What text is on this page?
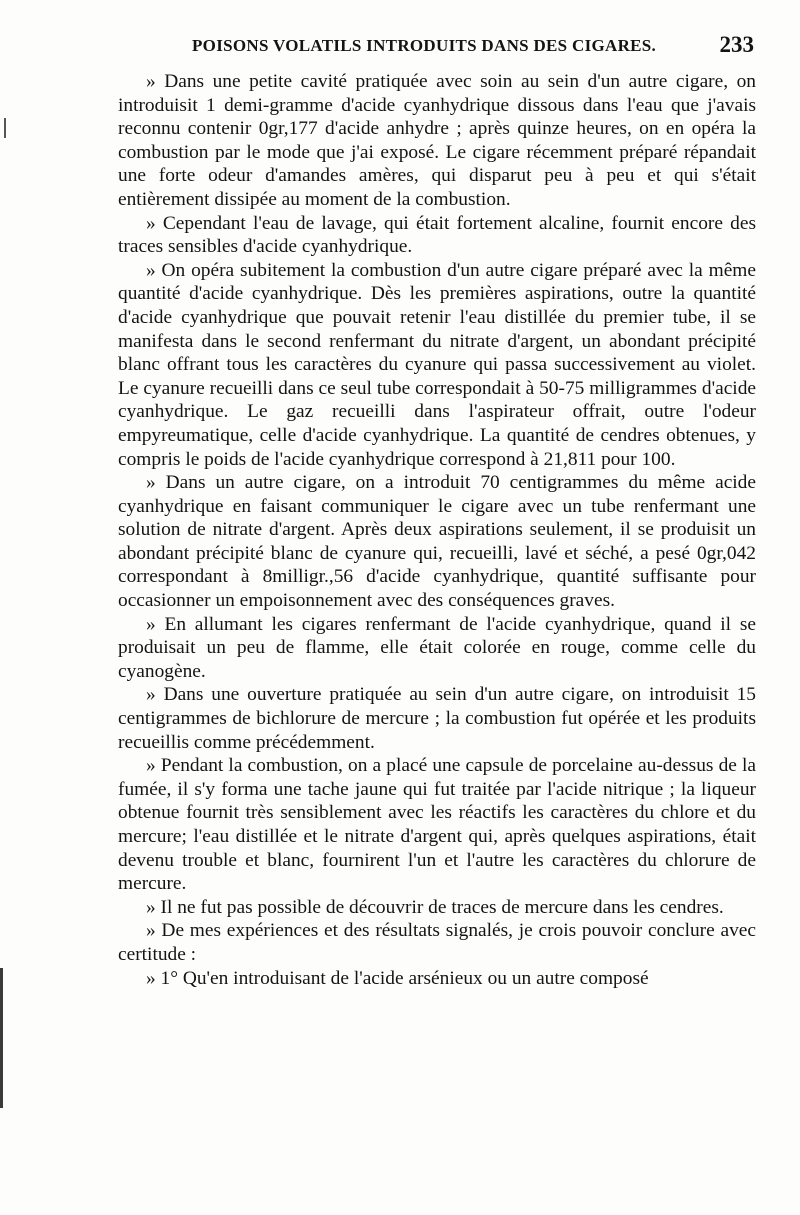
POISONS VOLATILS INTRODUITS DANS DES CIGARES.	233

» Dans une petite cavité pratiquée avec soin au sein d'un autre cigare, on introduisit 1 demi-gramme d'acide cyanhydrique dissous dans l'eau que j'avais reconnu contenir 0gr,177 d'acide anhydre ; après quinze heures, on en opéra la combustion par le mode que j'ai exposé. Le cigare récemment préparé répandait une forte odeur d'amandes amères, qui disparut peu à peu et qui s'était entièrement dissipée au moment de la combustion.

» Cependant l'eau de lavage, qui était fortement alcaline, fournit encore des traces sensibles d'acide cyanhydrique.

» On opéra subitement la combustion d'un autre cigare préparé avec la même quantité d'acide cyanhydrique. Dès les premières aspirations, outre la quantité d'acide cyanhydrique que pouvait retenir l'eau distillée du premier tube, il se manifesta dans le second renfermant du nitrate d'argent, un abondant précipité blanc offrant tous les caractères du cyanure qui passa successivement au violet. Le cyanure recueilli dans ce seul tube correspondait à 50-75 milligrammes d'acide cyanhydrique. Le gaz recueilli dans l'aspirateur offrait, outre l'odeur empyreumatique, celle d'acide cyanhydrique. La quantité de cendres obtenues, y compris le poids de l'acide cyanhydrique correspond à 21,811 pour 100.

» Dans un autre cigare, on a introduit 70 centigrammes du même acide cyanhydrique en faisant communiquer le cigare avec un tube renfermant une solution de nitrate d'argent. Après deux aspirations seulement, il se produisit un abondant précipité blanc de cyanure qui, recueilli, lavé et séché, a pesé 0gr,042 correspondant à 8milligr.,56 d'acide cyanhydrique, quantité suffisante pour occasionner un empoisonnement avec des conséquences graves.

» En allumant les cigares renfermant de l'acide cyanhydrique, quand il se produisait un peu de flamme, elle était colorée en rouge, comme celle du cyanogène.

» Dans une ouverture pratiquée au sein d'un autre cigare, on introduisit 15 centigrammes de bichlorure de mercure ; la combustion fut opérée et les produits recueillis comme précédemment.

» Pendant la combustion, on a placé une capsule de porcelaine au-dessus de la fumée, il s'y forma une tache jaune qui fut traitée par l'acide nitrique ; la liqueur obtenue fournit très sensiblement avec les réactifs les caractères du chlore et du mercure; l'eau distillée et le nitrate d'argent qui, après quelques aspirations, était devenu trouble et blanc, fournirent l'un et l'autre les caractères du chlorure de mercure.

» Il ne fut pas possible de découvrir de traces de mercure dans les cendres.

» De mes expériences et des résultats signalés, je crois pouvoir conclure avec certitude :

» 1° Qu'en introduisant de l'acide arsénieux ou un autre composé
